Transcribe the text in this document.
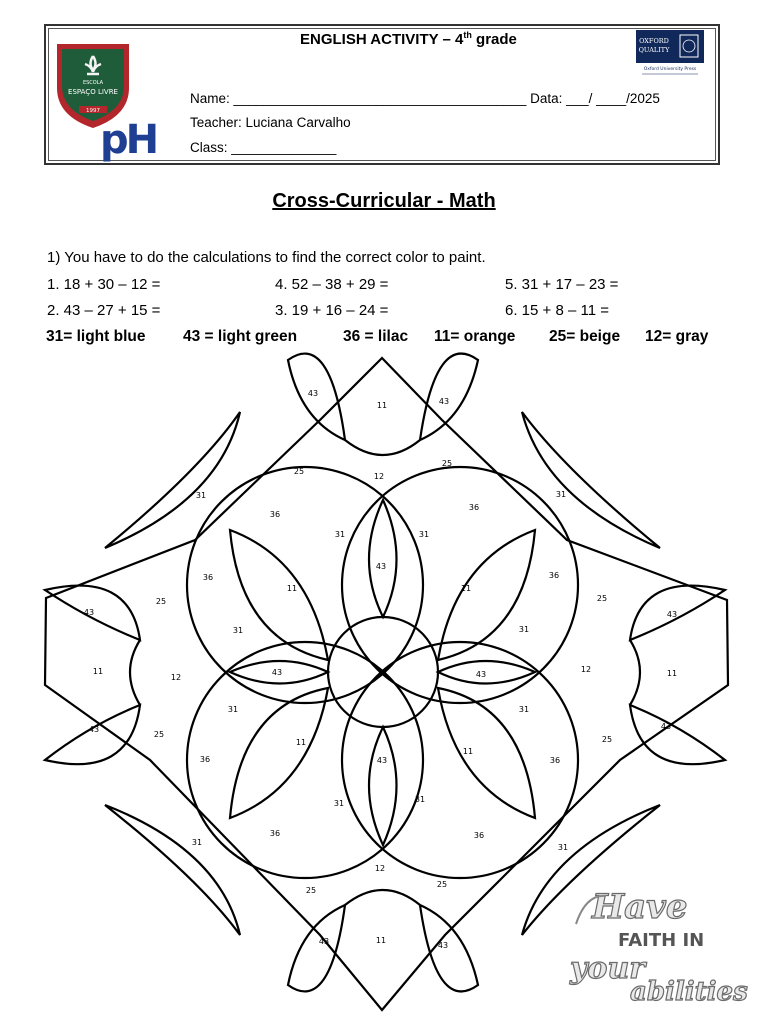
ESCOLA
ESPAÇO LIVRE
1997
pH
ENGLISH ACTIVITY – 4th grade	OXFORD
QUALITY
Oxford University Press
Name: _______________________________________ Data: ___/ ____/2025
Teacher: Luciana Carvalho
Class: ______________
Cross-Curricular - Math
1) You have to do the calculations to find the correct color to paint.
1. 18 + 30 – 12 =	4. 52 – 38 + 29 =	5. 31 + 17 – 23 =
2. 43 – 27 + 15 =	3. 19 + 16 – 24 =	6. 15 + 8 – 11 =
31= light blue 43 = light green	36 = lilac 11= orange 25= beige 12= gray
43
11	43
25
12
25
31	31
36
36
31	31
43
36
11	11
36
43
25	25
43
31	31
11
12
43	12	43
12	11
43
31	31
43
25
25
36
11
43
11
36
31	31
36	36
31
31
12
25
25
43	11
43
Have
FAITH IN
your
abilities
